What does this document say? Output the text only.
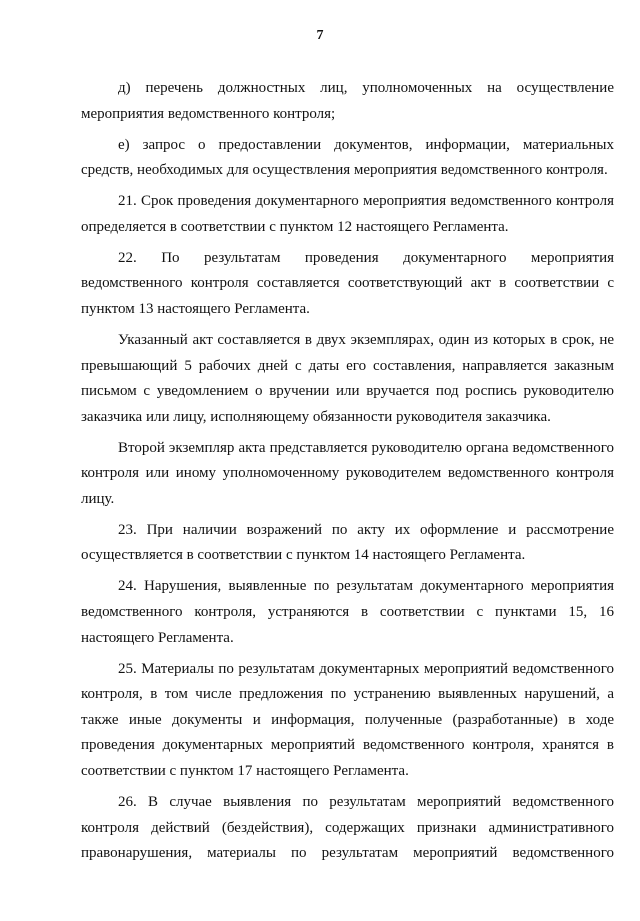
7

д) перечень должностных лиц, уполномоченных на осуществление мероприятия ведомственного контроля;

е) запрос о предоставлении документов, информации, материальных средств, необходимых для осуществления мероприятия ведомственного контроля.

21. Срок проведения документарного мероприятия ведомственного контроля определяется в соответствии с пунктом 12 настоящего Регламента.

22. По результатам проведения документарного мероприятия ведомственного контроля составляется соответствующий акт в соответствии с пунктом 13 настоящего Регламента.

Указанный акт составляется в двух экземплярах, один из которых в срок, не превышающий 5 рабочих дней с даты его составления, направляется заказным письмом с уведомлением о вручении или вручается под роспись руководителю заказчика или лицу, исполняющему обязанности руководителя заказчика.

Второй экземпляр акта представляется руководителю органа ведомственного контроля или иному уполномоченному руководителем ведомственного контроля лицу.

23. При наличии возражений по акту их оформление и рассмотрение осуществляется в соответствии с пунктом 14 настоящего Регламента.

24. Нарушения, выявленные по результатам документарного мероприятия ведомственного контроля, устраняются в соответствии с пунктами 15, 16 настоящего Регламента.

25. Материалы по результатам документарных мероприятий ведомственного контроля, в том числе предложения по устранению выявленных нарушений, а также иные документы и информация, полученные (разработанные) в ходе проведения документарных мероприятий ведомственного контроля, хранятся в соответствии с пунктом 17 настоящего Регламента.

26. В случае выявления по результатам мероприятий ведомственного контроля действий (бездействия), содержащих признаки административного правонарушения, материалы по результатам мероприятий ведомственного
